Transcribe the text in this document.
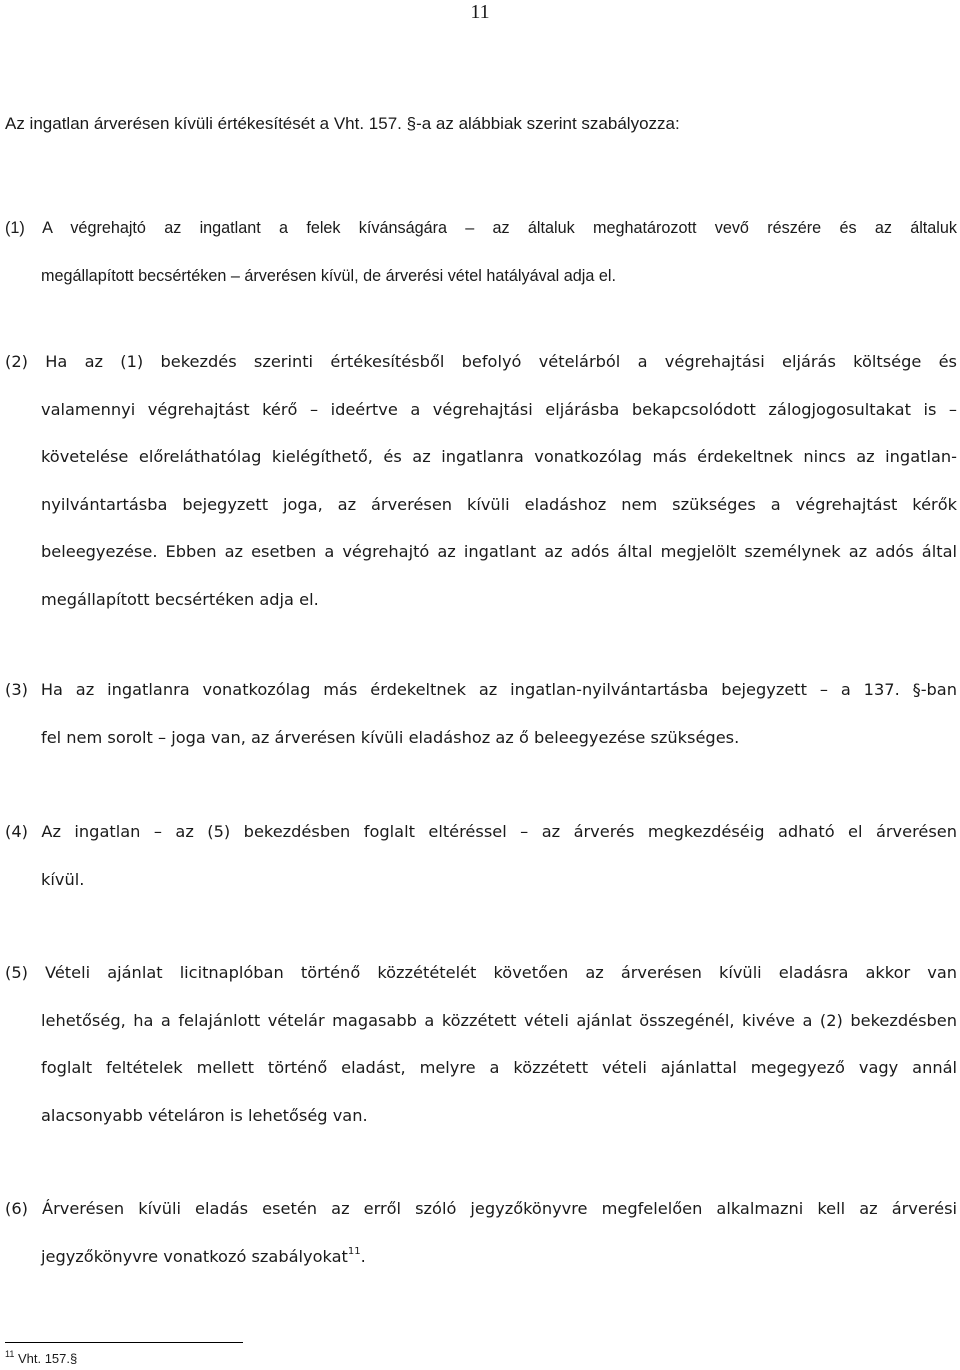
11
Az ingatlan árverésen kívüli értékesítését a Vht. 157. §-a az alábbiak szerint szabályozza:
(1) A végrehajtó az ingatlant a felek kívánságára – az általuk meghatározott vevő részére és az általuk
megállapított becsértéken – árverésen kívül, de árverési vétel hatályával adja el.
(2) Ha az (1) bekezdés szerinti értékesítésből befolyó vételárból a végrehajtási eljárás költsége és
valamennyi végrehajtást kérő – ideértve a végrehajtási eljárásba bekapcsolódott zálogjogosultakat is – követelése előreláthatólag kielégíthető, és az ingatlanra vonatkozólag más érdekeltnek nincs az ingatlan-nyilvántartásba bejegyzett joga, az árverésen kívüli eladáshoz nem szükséges a végrehajtást kérők beleegyezése. Ebben az esetben a végrehajtó az ingatlant az adós által megjelölt személynek az adós által megállapított becsértéken adja el.
(3) Ha az ingatlanra vonatkozólag más érdekeltnek az ingatlan-nyilvántartásba bejegyzett – a 137. §-ban
fel nem sorolt – joga van, az árverésen kívüli eladáshoz az ő beleegyezése szükséges.
(4) Az ingatlan – az (5) bekezdésben foglalt eltéréssel – az árverés megkezdéséig adható el árverésen
kívül.
(5) Vételi ajánlat licitnaplóban történő közzétételét követően az árverésen kívüli eladásra akkor van
lehetőség, ha a felajánlott vételár magasabb a közzétett vételi ajánlat összegénél, kivéve a (2) bekezdésben foglalt feltételek mellett történő eladást, melyre a közzétett vételi ajánlattal megegyező vagy annál alacsonyabb vételáron is lehetőség van.
(6) Árverésen kívüli eladás esetén az erről szóló jegyzőkönyvre megfelelően alkalmazni kell az árverési
jegyzőkönyvre vonatkozó szabályokat$^{11}$.
$^{11}$ Vht. 157.§
